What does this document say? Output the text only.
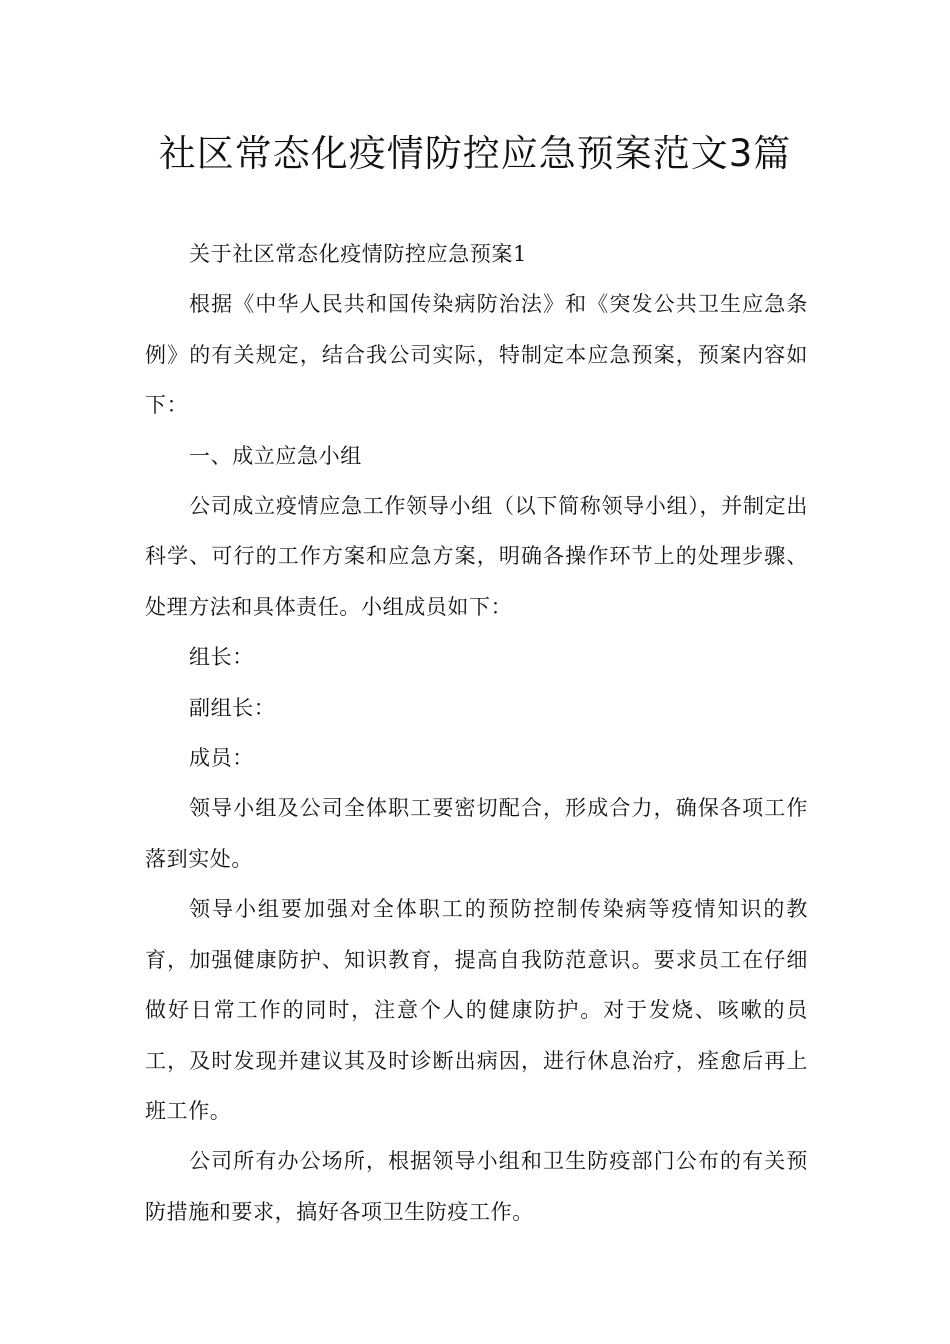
社区常态化疫情防控应急预案范文3篇

关于社区常态化疫情防控应急预案1

根据《中华人民共和国传染病防治法》和《突发公共卫生应急条例》的有关规定，结合我公司实际，特制定本应急预案，预案内容如下：

一、成立应急小组

公司成立疫情应急工作领导小组（以下简称领导小组），并制定出科学、可行的工作方案和应急方案，明确各操作环节上的处理步骤、处理方法和具体责任。小组成员如下：

组长：

副组长：

成员：

领导小组及公司全体职工要密切配合，形成合力，确保各项工作落到实处。

领导小组要加强对全体职工的预防控制传染病等疫情知识的教育，加强健康防护、知识教育，提高自我防范意识。要求员工在仔细做好日常工作的同时，注意个人的健康防护。对于发烧、咳嗽的员工，及时发现并建议其及时诊断出病因，进行休息治疗，痊愈后再上班工作。

公司所有办公场所，根据领导小组和卫生防疫部门公布的有关预防措施和要求，搞好各项卫生防疫工作。
